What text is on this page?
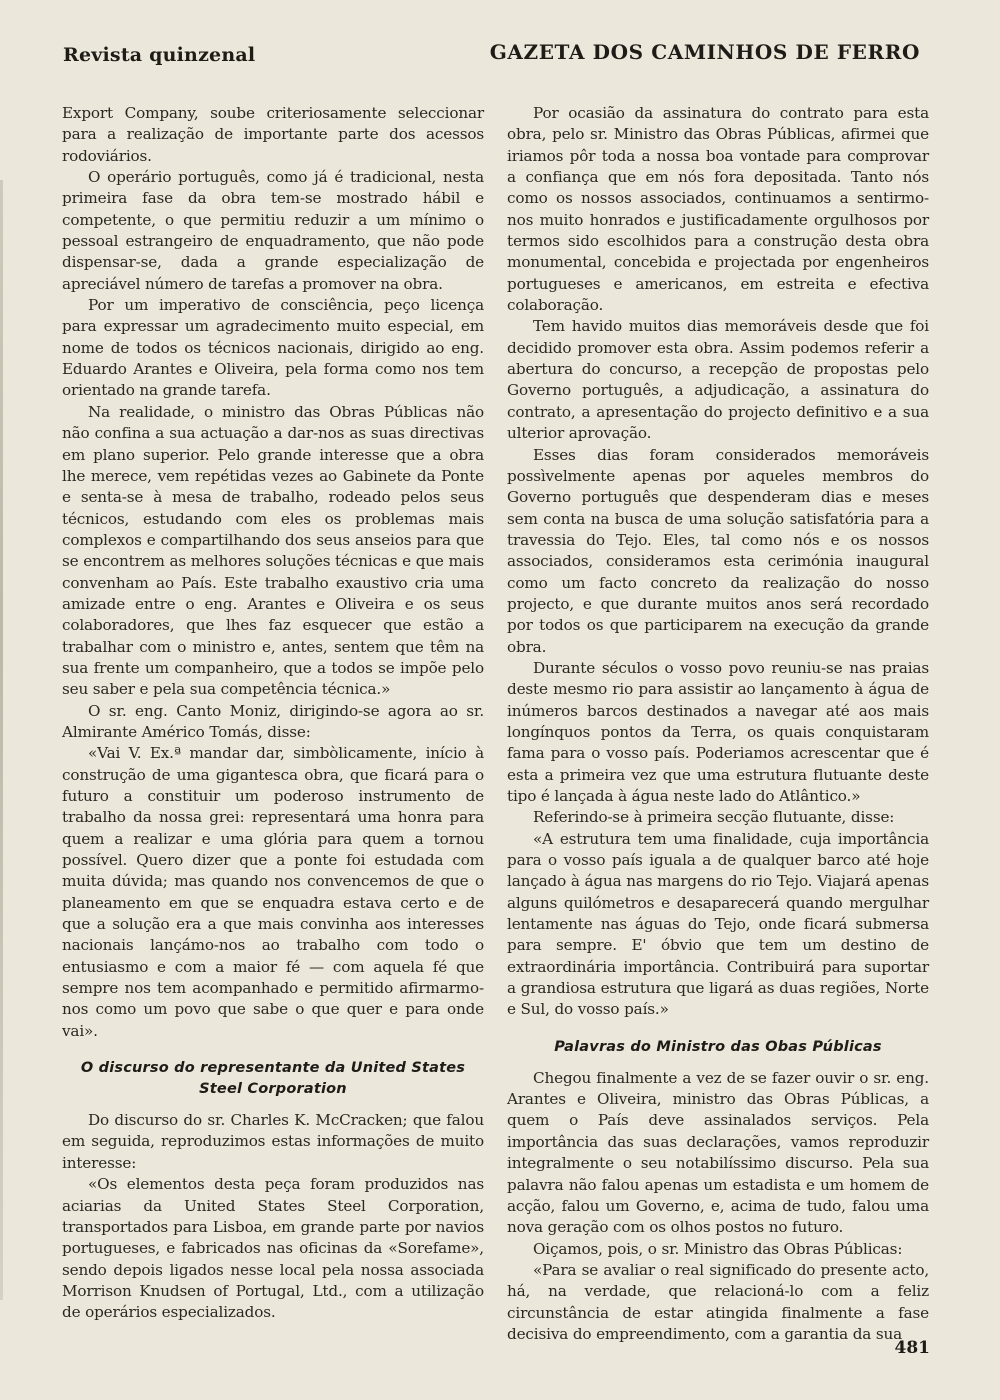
Revista quinzenal	GAZETA DOS CAMINHOS DE FERRO

Export Company, soube criteriosamente seleccionar para a realização de importante parte dos acessos rodoviários.

O operário português, como já é tradicional, nesta primeira fase da obra tem-se mostrado hábil e competente, o que permitiu reduzir a um mínimo o pessoal estrangeiro de enquadramento, que não pode dispensar-se, dada a grande especialização de apreciável número de tarefas a promover na obra.

Por um imperativo de consciência, peço licença para expressar um agradecimento muito especial, em nome de todos os técnicos nacionais, dirigido ao eng. Eduardo Arantes e Oliveira, pela forma como nos tem orientado na grande tarefa.

Na realidade, o ministro das Obras Públicas não não confina a sua actuação a dar-nos as suas directivas em plano superior. Pelo grande interesse que a obra lhe merece, vem repétidas vezes ao Gabinete da Ponte e senta-se à mesa de trabalho, rodeado pelos seus técnicos, estudando com eles os problemas mais complexos e compartilhando dos seus anseios para que se encontrem as melhores soluções técnicas e que mais convenham ao País. Este trabalho exaustivo cria uma amizade entre o eng. Arantes e Oliveira e os seus colaboradores, que lhes faz esquecer que estão a trabalhar com o ministro e, antes, sentem que têm na sua frente um companheiro, que a todos se impõe pelo seu saber e pela sua competência técnica.»

O sr. eng. Canto Moniz, dirigindo-se agora ao sr. Almirante Américo Tomás, disse:

«Vai V. Ex.ª mandar dar, simbòlicamente, início à construção de uma gigantesca obra, que ficará para o futuro a constituir um poderoso instrumento de trabalho da nossa grei: representará uma honra para quem a realizar e uma glória para quem a tornou possível. Quero dizer que a ponte foi estudada com muita dúvida; mas quando nos convencemos de que o planeamento em que se enquadra estava certo e de que a solução era a que mais convinha aos interesses nacionais lançámo-nos ao trabalho com todo o entusiasmo e com a maior fé — com aquela fé que sempre nos tem acompanhado e permitido afirmarmo-nos como um povo que sabe o que quer e para onde vai».

O discurso do representante da United States Steel Corporation

Do discurso do sr. Charles K. McCracken; que falou em seguida, reproduzimos estas informações de muito interesse:

«Os elementos desta peça foram produzidos nas aciarias da United States Steel Corporation, transportados para Lisboa, em grande parte por navios portugueses, e fabricados nas oficinas da «Sorefame», sendo depois ligados nesse local pela nossa associada Morrison Knudsen of Portugal, Ltd., com a utilização de operários especializados.

Por ocasião da assinatura do contrato para esta obra, pelo sr. Ministro das Obras Públicas, afirmei que iriamos pôr toda a nossa boa vontade para comprovar a confiança que em nós fora depositada. Tanto nós como os nossos associados, continuamos a sentirmo-nos muito honrados e justificadamente orgulhosos por termos sido escolhidos para a construção desta obra monumental, concebida e projectada por engenheiros portugueses e americanos, em estreita e efectiva colaboração.

Tem havido muitos dias memoráveis desde que foi decidido promover esta obra. Assim podemos referir a abertura do concurso, a recepção de propostas pelo Governo português, a adjudicação, a assinatura do contrato, a apresentação do projecto definitivo e a sua ulterior aprovação.

Esses dias foram considerados memoráveis possìvelmente apenas por aqueles membros do Governo português que despenderam dias e meses sem conta na busca de uma solução satisfatória para a travessia do Tejo. Eles, tal como nós e os nossos associados, consideramos esta cerimónia inaugural como um facto concreto da realização do nosso projecto, e que durante muitos anos será recordado por todos os que participarem na execução da grande obra.

Durante séculos o vosso povo reuniu-se nas praias deste mesmo rio para assistir ao lançamento à água de inúmeros barcos destinados a navegar até aos mais longínquos pontos da Terra, os quais conquistaram fama para o vosso país. Poderiamos acrescentar que é esta a primeira vez que uma estrutura flutuante deste tipo é lançada à água neste lado do Atlântico.»

Referindo-se à primeira secção flutuante, disse:

«A estrutura tem uma finalidade, cuja importância para o vosso país iguala a de qualquer barco até hoje lançado à água nas margens do rio Tejo. Viajará apenas alguns quilómetros e desaparecerá quando mergulhar lentamente nas águas do Tejo, onde ficará submersa para sempre. E' óbvio que tem um destino de extraordinária importância. Contribuirá para suportar a grandiosa estrutura que ligará as duas regiões, Norte e Sul, do vosso país.»

Palavras do Ministro das Obas Públicas

Chegou finalmente a vez de se fazer ouvir o sr. eng. Arantes e Oliveira, ministro das Obras Públicas, a quem o País deve assinalados serviços. Pela importância das suas declarações, vamos reproduzir integralmente o seu notabilíssimo discurso. Pela sua palavra não falou apenas um estadista e um homem de acção, falou um Governo, e, acima de tudo, falou uma nova geração com os olhos postos no futuro.

Oiçamos, pois, o sr. Ministro das Obras Públicas:

«Para se avaliar o real significado do presente acto, há, na verdade, que relacioná-lo com a feliz circunstância de estar atingida finalmente a fase decisiva do empreendimento, com a garantia da sua

481
